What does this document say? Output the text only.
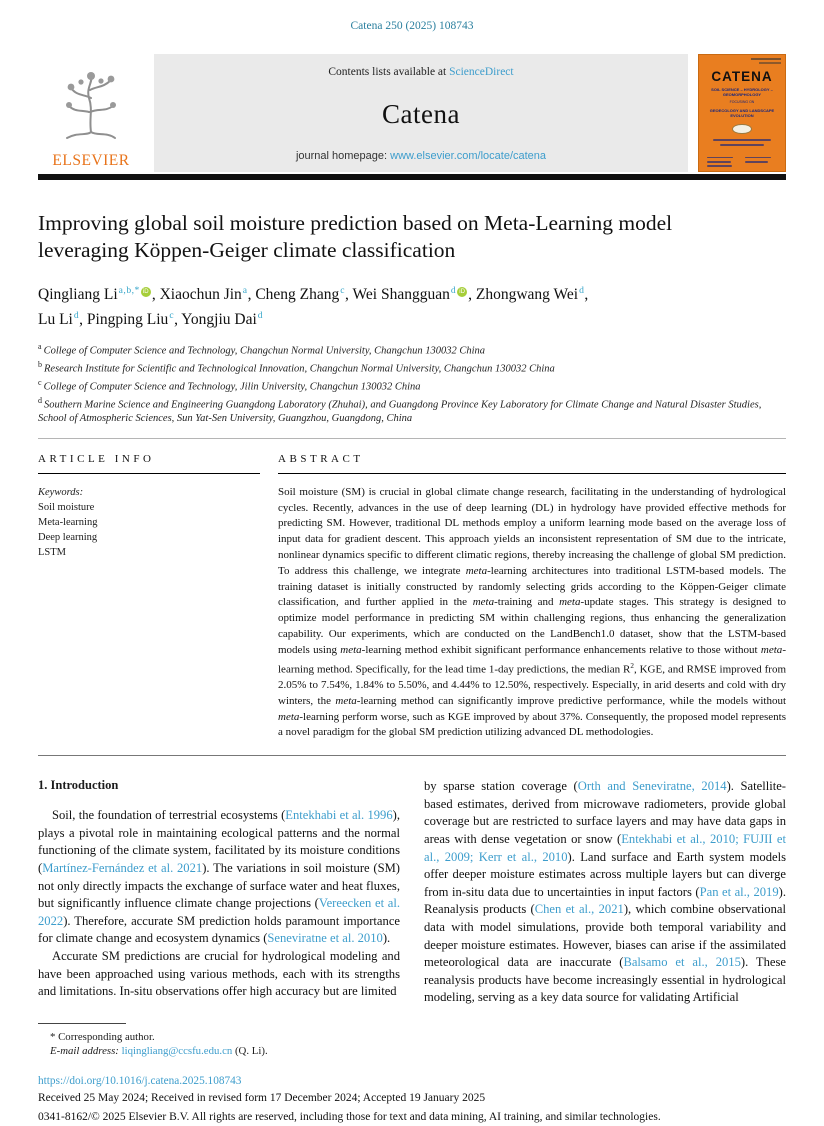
Catena 250 (2025) 108743
ELSEVIER
Contents lists available at ScienceDirect
Catena
journal homepage: www.elsevier.com/locate/catena
CATENA
SOIL SCIENCE – HYDROLOGY – GEOMORPHOLOGY
FOCUSING ON
GEOECOLOGY AND LANDSCAPE EVOLUTION
Improving global soil moisture prediction based on Meta-Learning model leveraging Köppen-Geiger climate classification

Qingliang $Li^{a,b,*}$ iD , Xiaochun Jin$^a$, Cheng Zhang$^c$, Wei Shangguan$^d$ iD , Zhongwang Wei$^d$,
Lu Li$^d$, Pingping Liu$^c$, Yongjiu Dai$^d$

$^a$ College of Computer Science and Technology, Changchun Normal University, Changchun 130032 China
$^b$ Research Institute for Scientific and Technological Innovation, Changchun Normal University, Changchun 130032 China
$^c$ College of Computer Science and Technology, Jilin University, Changchun 130032 China
$^d$ Southern Marine Science and Engineering Guangdong Laboratory (Zhuhai), and Guangdong Province Key Laboratory for Climate Change and Natural Disaster Studies, School of Atmospheric Sciences, Sun Yat-Sen University, Guangzhou, Guangdong, China
ARTICLE INFO
Keywords:
Soil moisture
Meta-learning
Deep learning
LSTM
ABSTRACT

Soil moisture (SM) is crucial in global climate change research, facilitating in the understanding of hydrological cycles. Recently, advances in the use of deep learning (DL) in hydrology have provided effective methods for predicting SM. However, traditional DL methods employ a uniform learning mode based on the average loss of input data for gradient descent. This approach yields an inconsistent representation of SM due to the intricate, nonlinear dynamics specific to different climatic regions, thereby increasing the challenge of global SM prediction. To address this challenge, we integrate meta-learning architectures into traditional LSTM-based models. The training dataset is initially constructed by randomly selecting grids according to the Köppen-Geiger climate classification, and further applied in the meta-training and meta-update stages. This strategy is designed to optimize model performance in predicting SM within challenging regions, thus enhancing the generalization capability. Our experiments, which are conducted on the LandBench1.0 dataset, show that the LSTM-based models using meta-learning method exhibit significant performance enhancements relative to those without meta-learning method. Specifically, for the lead time 1-day predictions, the median $R^2$, KGE, and RMSE improved from 2.05% to 7.54%, 1.84% to 5.50%, and 4.44% to 12.50%, respectively. Especially, in arid deserts and cold with dry winters, the meta-learning method can significantly improve predictive performance, while the models without meta-learning perform worse, such as KGE improved by about 37%. Consequently, the proposed model represents a novel paradigm for the global SM prediction utilizing advanced DL methodologies.

1. Introduction

Soil, the foundation of terrestrial ecosystems (Entekhabi et al. 1996), plays a pivotal role in maintaining ecological patterns and the normal functioning of the climate system, facilitated by its moisture conditions (Martínez-Fernández et al. 2021). The variations in soil moisture (SM) not only directly impacts the exchange of surface water and heat fluxes, but significantly influence climate change projections (Vereecken et al. 2022). Therefore, accurate SM prediction holds paramount importance for climate change and ecosystem dynamics (Seneviratne et al. 2010).

Accurate SM predictions are crucial for hydrological modeling and have been approached using various methods, each with its strengths and limitations. In-situ observations offer high accuracy but are limited

by sparse station coverage (Orth and Seneviratne, 2014). Satellite-based estimates, derived from microwave radiometers, provide global coverage but are restricted to surface layers and may have data gaps in areas with dense vegetation or snow (Entekhabi et al., 2010; FUJII et al., 2009; Kerr et al., 2010). Land surface and Earth system models offer deeper moisture estimates across multiple layers but can diverge from in-situ data due to uncertainties in input factors (Pan et al., 2019). Reanalysis products (Chen et al., 2021), which combine observational data with model simulations, provide both temporal variability and deeper moisture estimates. However, biases can arise if the assimilated meteorological data are inaccurate (Balsamo et al., 2015). These reanalysis products have become increasingly essential in hydrological modeling, serving as a key data source for validating Artificial

* Corresponding author.
E-mail address: liqingliang@ccsfu.edu.cn (Q. Li).
https://doi.org/10.1016/j.catena.2025.108743
Received 25 May 2024; Received in revised form 17 December 2024; Accepted 19 January 2025
0341-8162/© 2025 Elsevier B.V. All rights are reserved, including those for text and data mining, AI training, and similar technologies.
